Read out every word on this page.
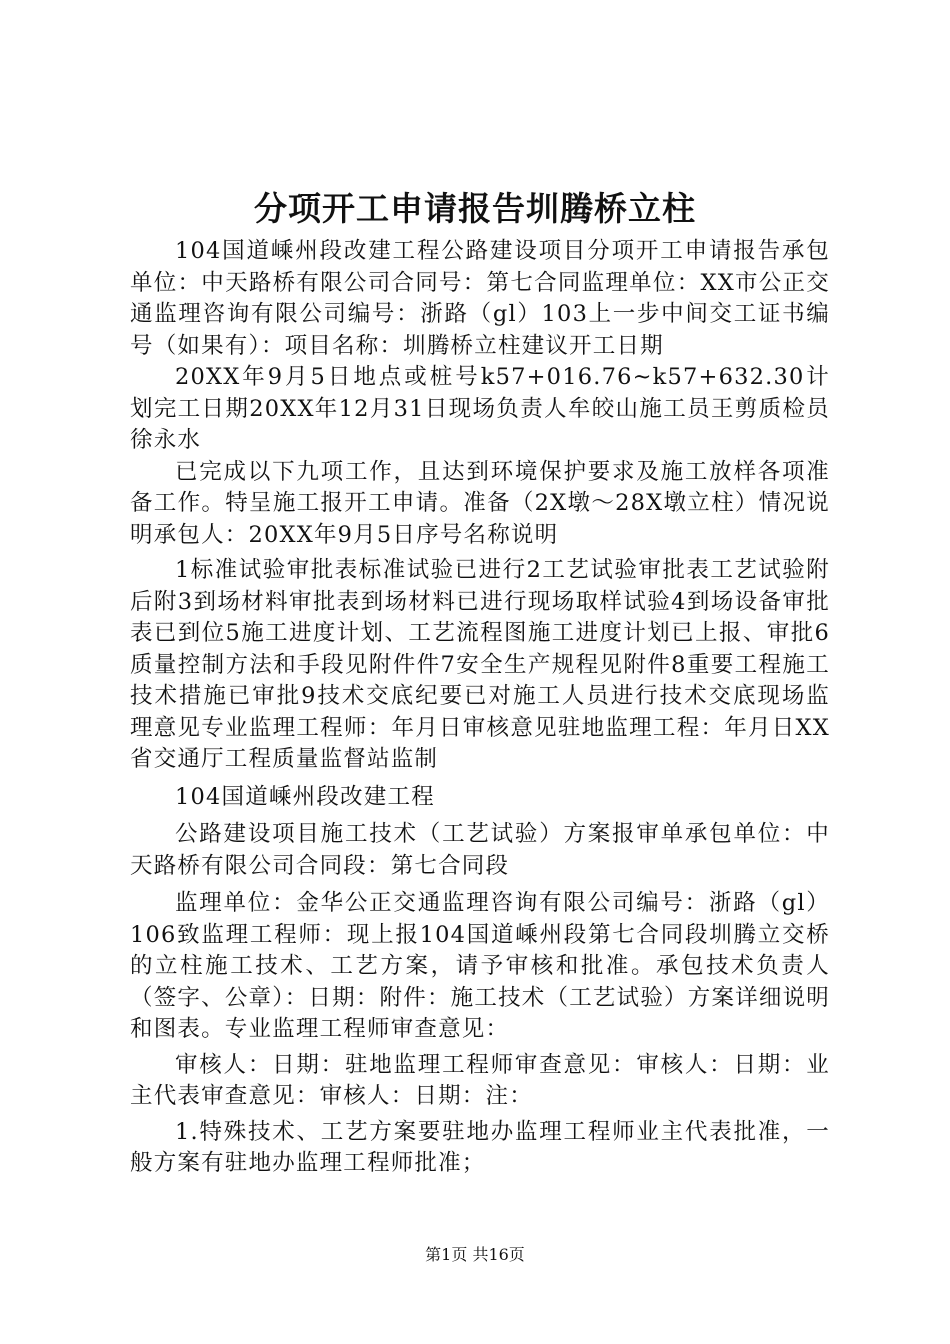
分项开工申请报告圳腾桥立柱

104国道嵊州段改建工程公路建设项目分项开工申请报告承包单位：中天路桥有限公司合同号：第七合同监理单位：XX市公正交通监理咨询有限公司编号：浙路（gl）103上一步中间交工证书编号（如果有）：项目名称：圳腾桥立柱建议开工日期

20XX年9月5日地点或桩号k57+016.76~k57+632.30计划完工日期20XX年12月31日现场负责人牟皎山施工员王剪质检员徐永水

已完成以下九项工作，且达到环境保护要求及施工放样各项准备工作。特呈施工报开工申请。准备（2X墩～28X墩立柱）情况说明承包人：20XX年9月5日序号名称说明

1标准试验审批表标准试验已进行2工艺试验审批表工艺试验附后附3到场材料审批表到场材料已进行现场取样试验4到场设备审批表已到位5施工进度计划、工艺流程图施工进度计划已上报、审批6质量控制方法和手段见附件件7安全生产规程见附件8重要工程施工技术措施已审批9技术交底纪要已对施工人员进行技术交底现场监理意见专业监理工程师：年月日审核意见驻地监理工程：年月日XX省交通厅工程质量监督站监制

104国道嵊州段改建工程

公路建设项目施工技术（工艺试验）方案报审单承包单位：中天路桥有限公司合同段：第七合同段

监理单位：金华公正交通监理咨询有限公司编号：浙路（gl）106致监理工程师：现上报104国道嵊州段第七合同段圳腾立交桥的立柱施工技术、工艺方案，请予审核和批准。承包技术负责人（签字、公章）：日期：附件：施工技术（工艺试验）方案详细说明和图表。专业监理工程师审查意见：

审核人：日期：驻地监理工程师审查意见：审核人：日期：业主代表审查意见：审核人：日期：注：

1.特殊技术、工艺方案要驻地办监理工程师业主代表批准，一般方案有驻地办监理工程师批准；

第1页 共16页
